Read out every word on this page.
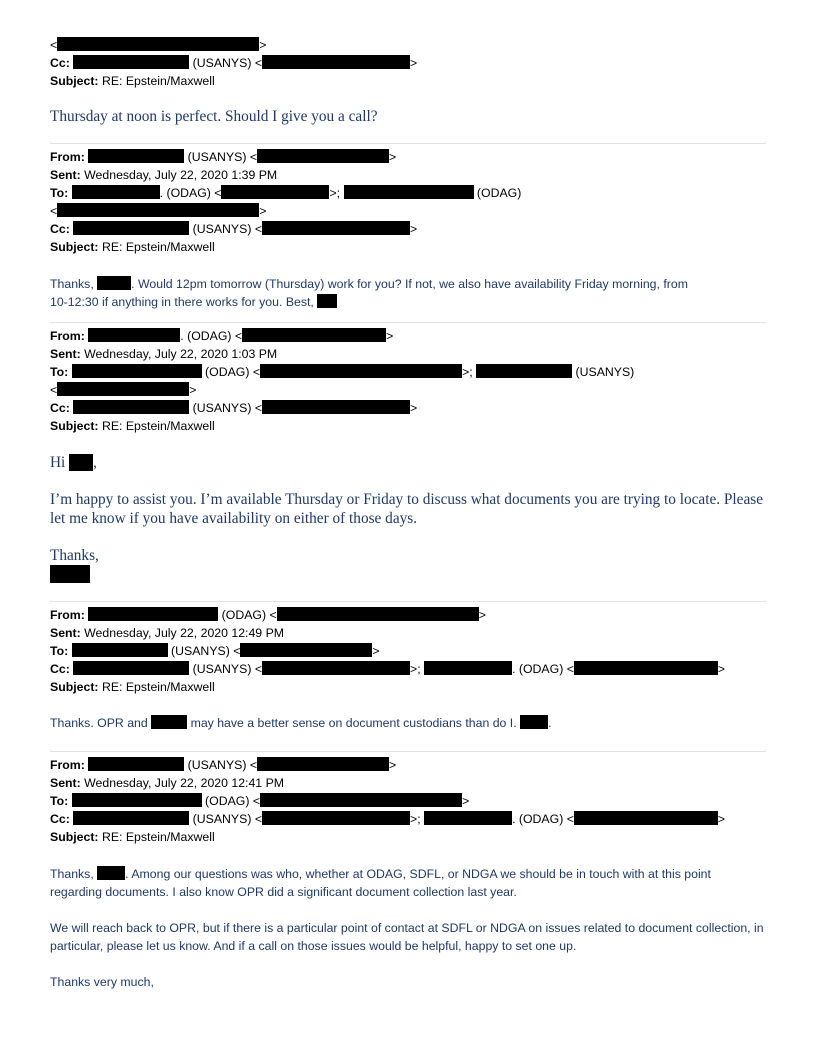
<	>
Cc:	(USANYS) <	>
Subject: RE: Epstein/Maxwell
Thursday at noon is perfect. Should I give you a call?
From:	(USANYS) <	>
Sent: Wednesday, July 22, 2020 1:39 PM
To:	. (ODAG) <	>;	(ODAG)
<	>
Cc:	(USANYS) <	>
Subject: RE: Epstein/Maxwell
Thanks,	. Would 12pm tomorrow (Thursday) work for you? If not, we also have availability Friday morning, from
10-12:30 if anything in there works for you. Best,
From:	. (ODAG) <	>
Sent: Wednesday, July 22, 2020 1:03 PM
To:	(ODAG) <	>;	(USANYS)
<	>
Cc:	(USANYS) <	>
Subject: RE: Epstein/Maxwell
Hi ,

I’m happy to assist you. I’m available Thursday or Friday to discuss what documents you are trying to locate. Please let me know if you have availability on either of those days.

Thanks,
From:	(ODAG) <	>
Sent: Wednesday, July 22, 2020 12:49 PM
To:	(USANYS) <	>
Cc:	(USANYS) <	>;	. (ODAG) <	>
Subject: RE: Epstein/Maxwell
Thanks. OPR and	may have a better sense on document custodians than do I. .
From:	(USANYS) <	>
Sent: Wednesday, July 22, 2020 12:41 PM
To:	(ODAG) <	>
Cc:	(USANYS) <	>;	. (ODAG) <	>
Subject: RE: Epstein/Maxwell

Thanks, . Among our questions was who, whether at ODAG, SDFL, or NDGA we should be in touch with at this point regarding documents. I also know OPR did a significant document collection last year.

We will reach back to OPR, but if there is a particular point of contact at SDFL or NDGA on issues related to document collection, in particular, please let us know. And if a call on those issues would be helpful, happy to set one up.

Thanks very much,
